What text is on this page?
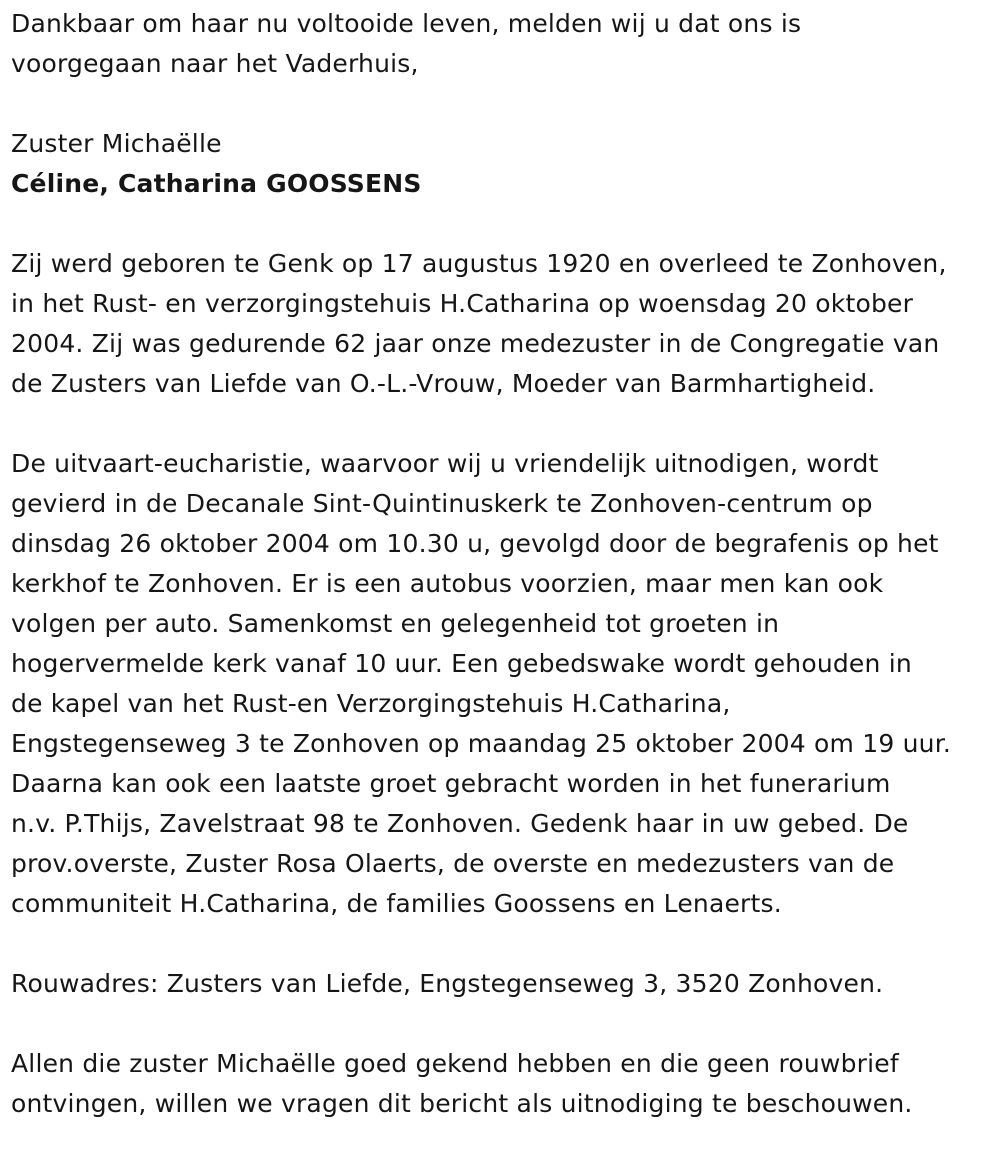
Dankbaar om haar nu voltooide leven, melden wij u dat ons is
voorgegaan naar het Vaderhuis,
Zuster Michaëlle
Céline, Catharina GOOSSENS
Zij werd geboren te Genk op 17 augustus 1920 en overleed te Zonhoven,
in het Rust- en verzorgingstehuis H.Catharina op woensdag 20 oktober
2004. Zij was gedurende 62 jaar onze medezuster in de Congregatie van
de Zusters van Liefde van O.-L.-Vrouw, Moeder van Barmhartigheid.
De uitvaart-eucharistie, waarvoor wij u vriendelijk uitnodigen, wordt
gevierd in de Decanale Sint-Quintinuskerk te Zonhoven-centrum op
dinsdag 26 oktober 2004 om 10.30 u, gevolgd door de begrafenis op het
kerkhof te Zonhoven. Er is een autobus voorzien, maar men kan ook
volgen per auto. Samenkomst en gelegenheid tot groeten in
hogervermelde kerk vanaf 10 uur. Een gebedswake wordt gehouden in
de kapel van het Rust-en Verzorgingstehuis H.Catharina,
Engstegenseweg 3 te Zonhoven op maandag 25 oktober 2004 om 19 uur.
Daarna kan ook een laatste groet gebracht worden in het funerarium
n.v. P.Thijs, Zavelstraat 98 te Zonhoven. Gedenk haar in uw gebed. De
prov.overste, Zuster Rosa Olaerts, de overste en medezusters van de
communiteit H.Catharina, de families Goossens en Lenaerts.
Rouwadres: Zusters van Liefde, Engstegenseweg 3, 3520 Zonhoven.
Allen die zuster Michaëlle goed gekend hebben en die geen rouwbrief
ontvingen, willen we vragen dit bericht als uitnodiging te beschouwen.
